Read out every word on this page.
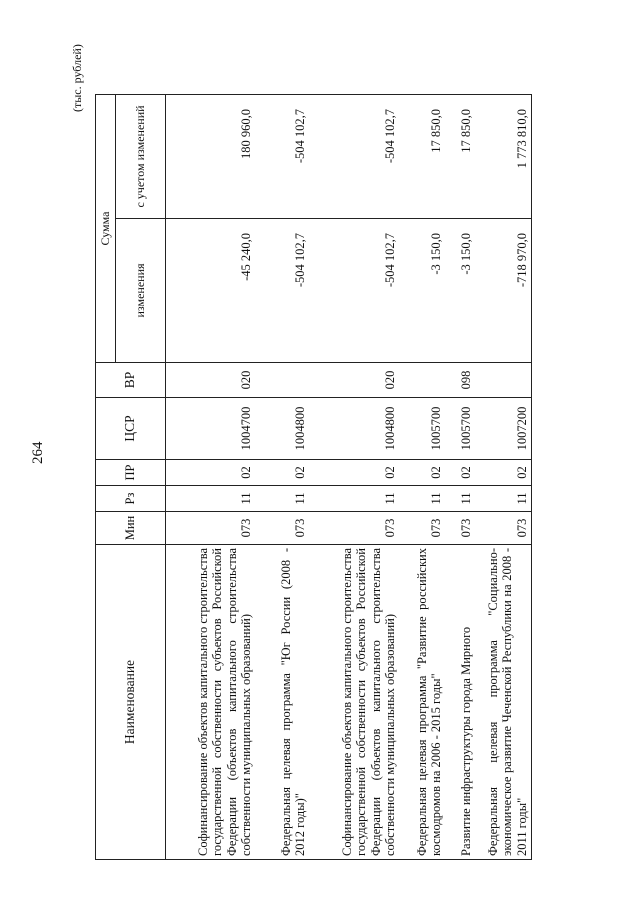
264
(тыс. рублей)
Наименование	Мин	Рз	ПР	ЦСР	ВР	Сумма	
						изменения	с учетом изменений
Софинансирование объектов капитального строительства государственной собственности субъектов Российской Федерации (объектов капитального строительства собственности муниципальных образований)	073	11	02	1004700	020	-45 240,0	180 960,0
Федеральная целевая программа "Юг России (2008 - 2012 годы)"	073	11	02	1004800		-504 102,7	-504 102,7
Софинансирование объектов капитального строительства государственной собственности субъектов Российской Федерации (объектов капитального строительства собственности муниципальных образований)	073	11	02	1004800	020	-504 102,7	-504 102,7
Федеральная целевая программа "Развитие российских космодромов на 2006 - 2015 годы"	073	11	02	1005700		-3 150,0	17 850,0
Развитие инфраструктуры города Мирного	073	11	02	1005700	098	-3 150,0	17 850,0
Федеральная целевая программа "Социально-экономическое развитие Чеченской Республики на 2008 - 2011 годы"	073	11	02	1007200		-718 970,0	1 773 810,0
